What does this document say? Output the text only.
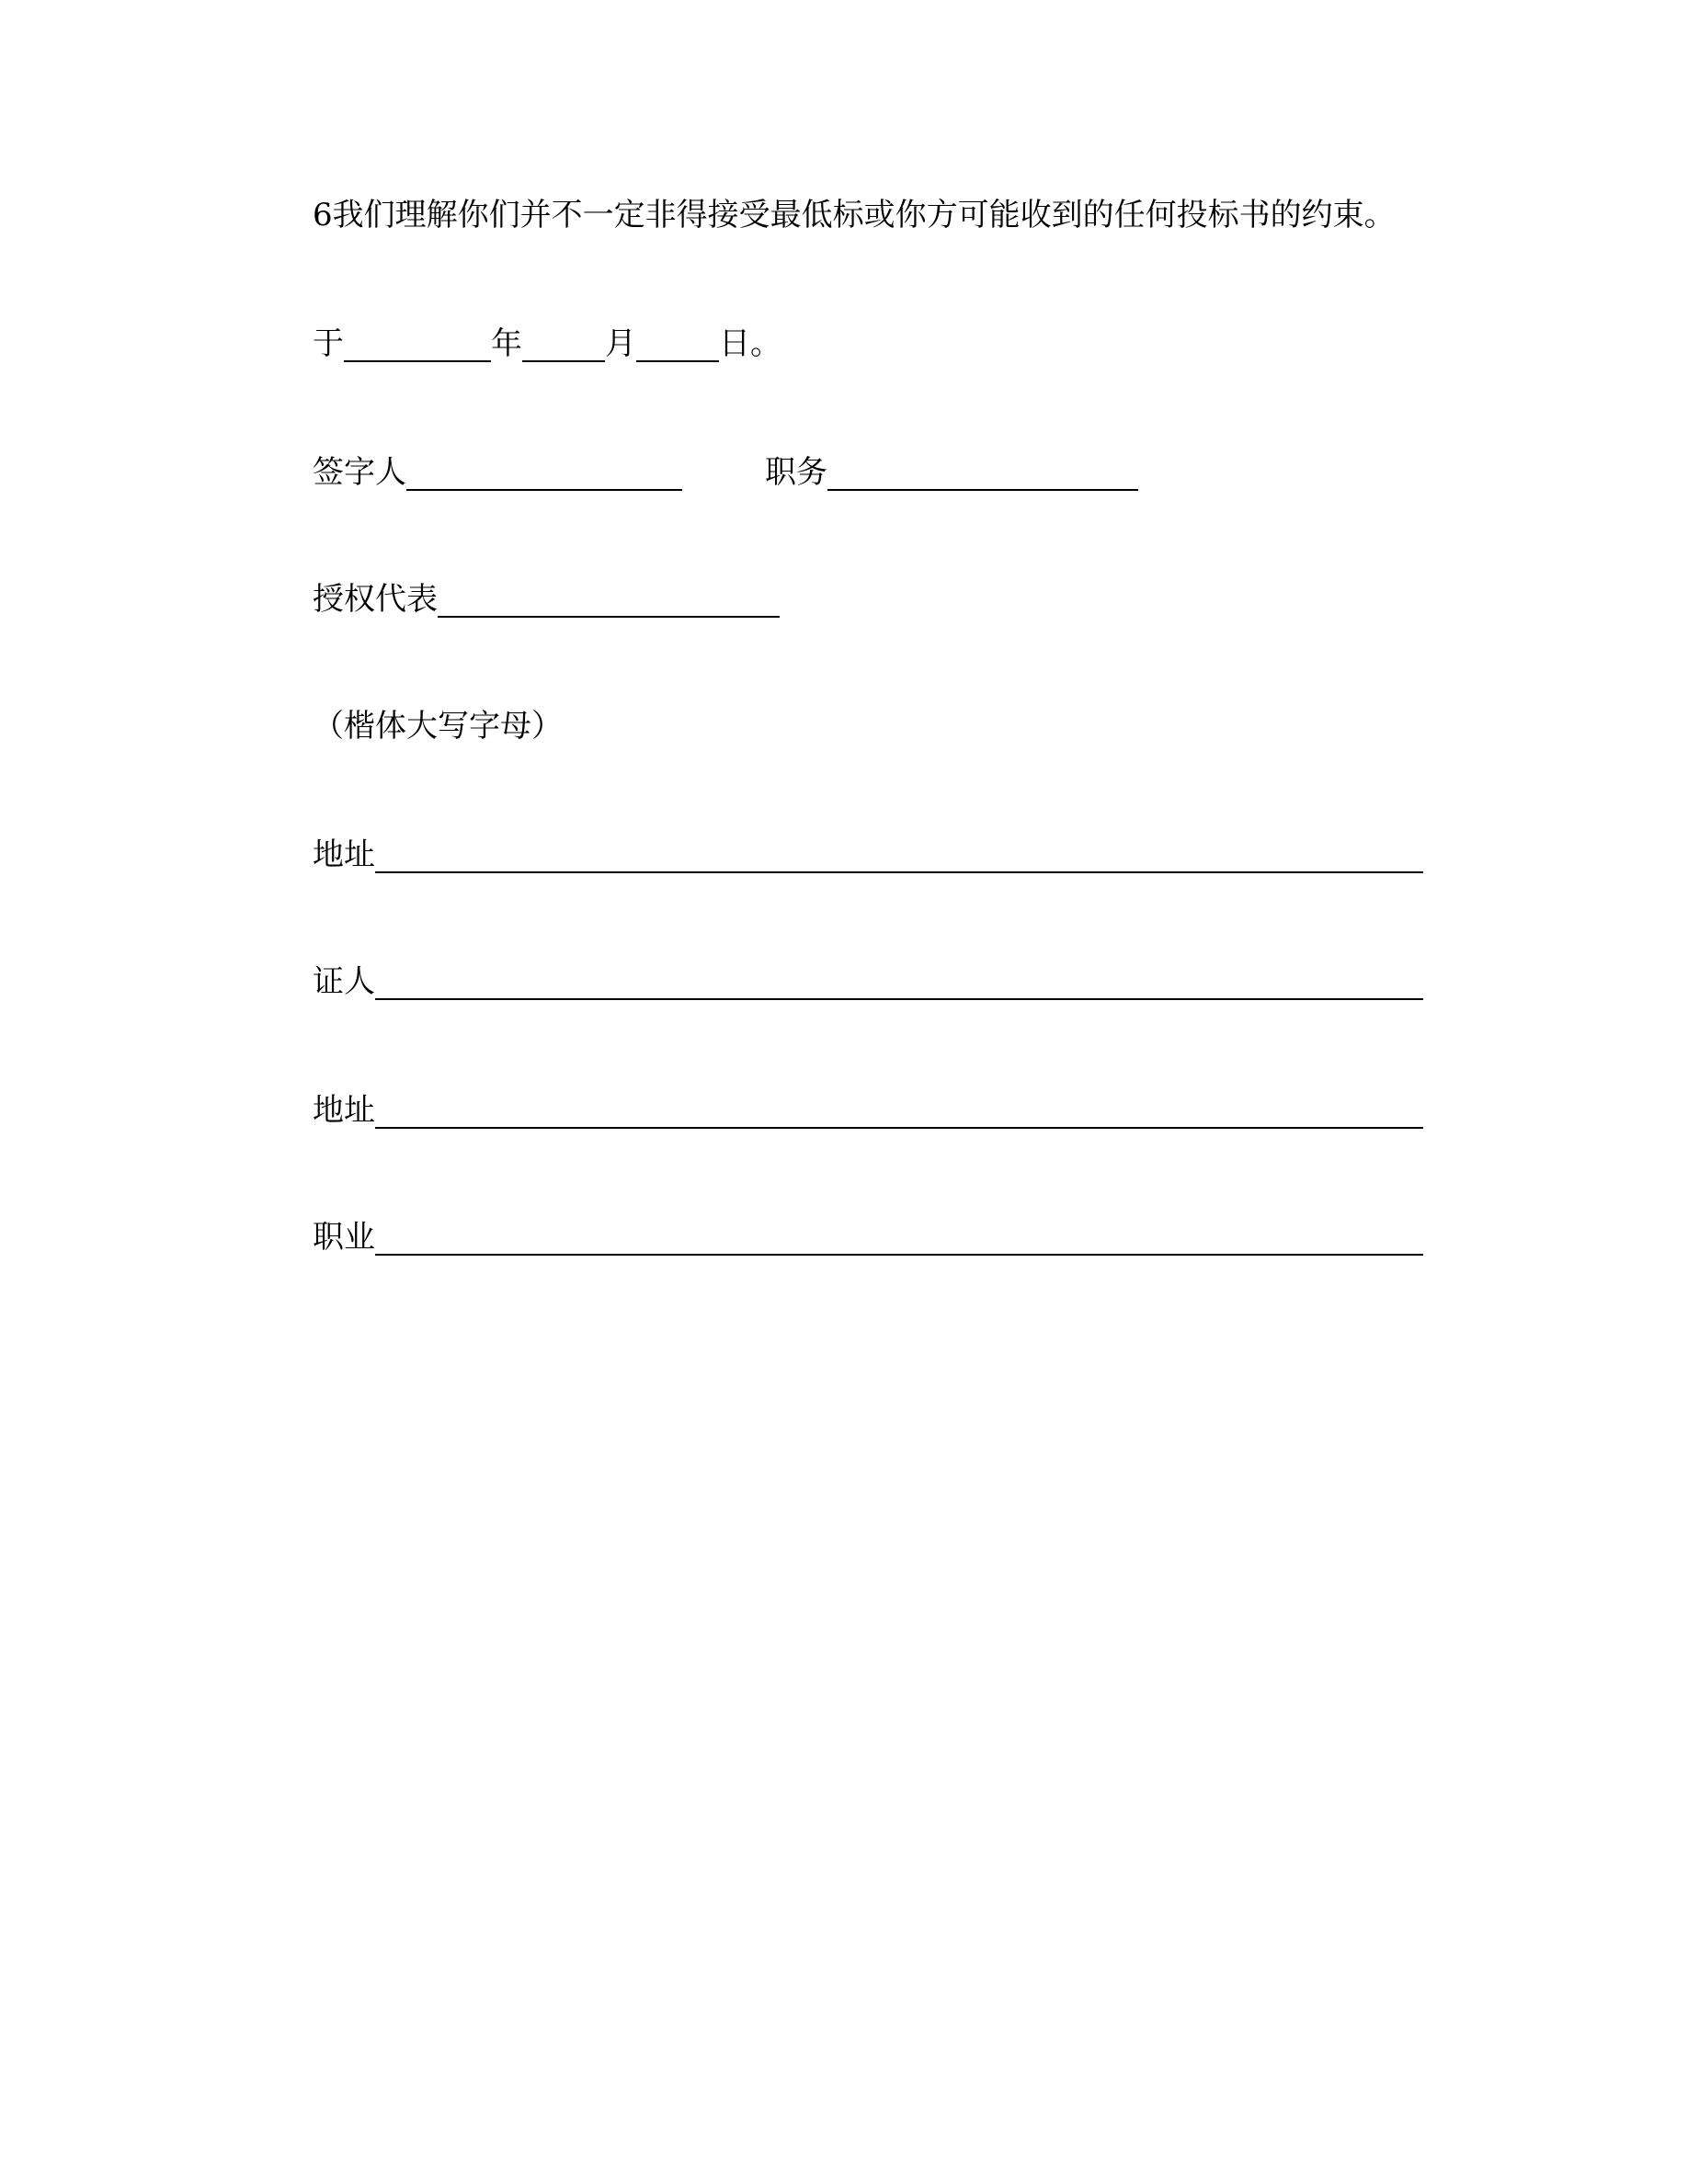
6我们理解你们并不一定非得接受最低标或你方可能收到的任何投标书的约束。
于	年	月	日。
签字人	职务
授权代表
（楷体大写字母）
地址
证人
地址
职业
